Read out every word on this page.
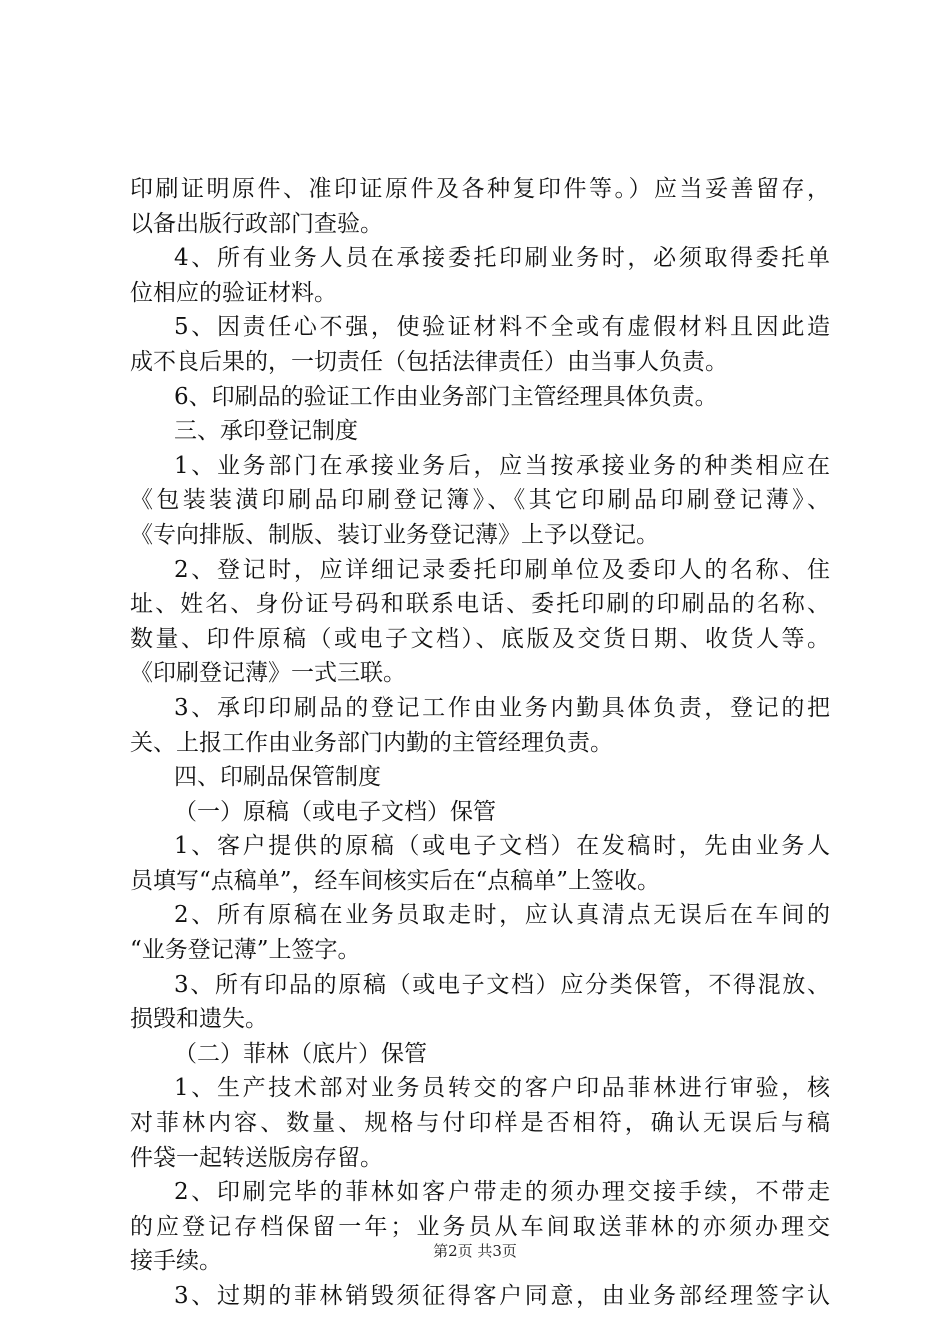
印刷证明原件、准印证原件及各种复印件等。）应当妥善留存，
以备出版行政部门查验。
4、所有业务人员在承接委托印刷业务时，必须取得委托单
位相应的验证材料。
5、因责任心不强，使验证材料不全或有虚假材料且因此造
成不良后果的，一切责任（包括法律责任）由当事人负责。
6、印刷品的验证工作由业务部门主管经理具体负责。
三、承印登记制度
1、业务部门在承接业务后，应当按承接业务的种类相应在
《包装装潢印刷品印刷登记簿》、《其它印刷品印刷登记薄》、
《专向排版、制版、装订业务登记薄》上予以登记。
2、登记时，应详细记录委托印刷单位及委印人的名称、住
址、姓名、身份证号码和联系电话、委托印刷的印刷品的名称、
数量、印件原稿（或电子文档）、底版及交货日期、收货人等。
《印刷登记薄》一式三联。
3、承印印刷品的登记工作由业务内勤具体负责，登记的把
关、上报工作由业务部门内勤的主管经理负责。
四、印刷品保管制度
（一）原稿（或电子文档）保管
1、客户提供的原稿（或电子文档）在发稿时，先由业务人
员填写“点稿单”，经车间核实后在“点稿单”上签收。
2、所有原稿在业务员取走时，应认真清点无误后在车间的
“业务登记薄”上签字。
3、所有印品的原稿（或电子文档）应分类保管，不得混放、
损毁和遗失。
（二）菲林（底片）保管
1、生产技术部对业务员转交的客户印品菲林进行审验，核
对菲林内容、数量、规格与付印样是否相符，确认无误后与稿
件袋一起转送版房存留。
2、印刷完毕的菲林如客户带走的须办理交接手续，不带走
的应登记存档保留一年；业务员从车间取送菲林的亦须办理交
接手续。
3、过期的菲林销毁须征得客户同意，由业务部经理签字认
第2页 共3页
